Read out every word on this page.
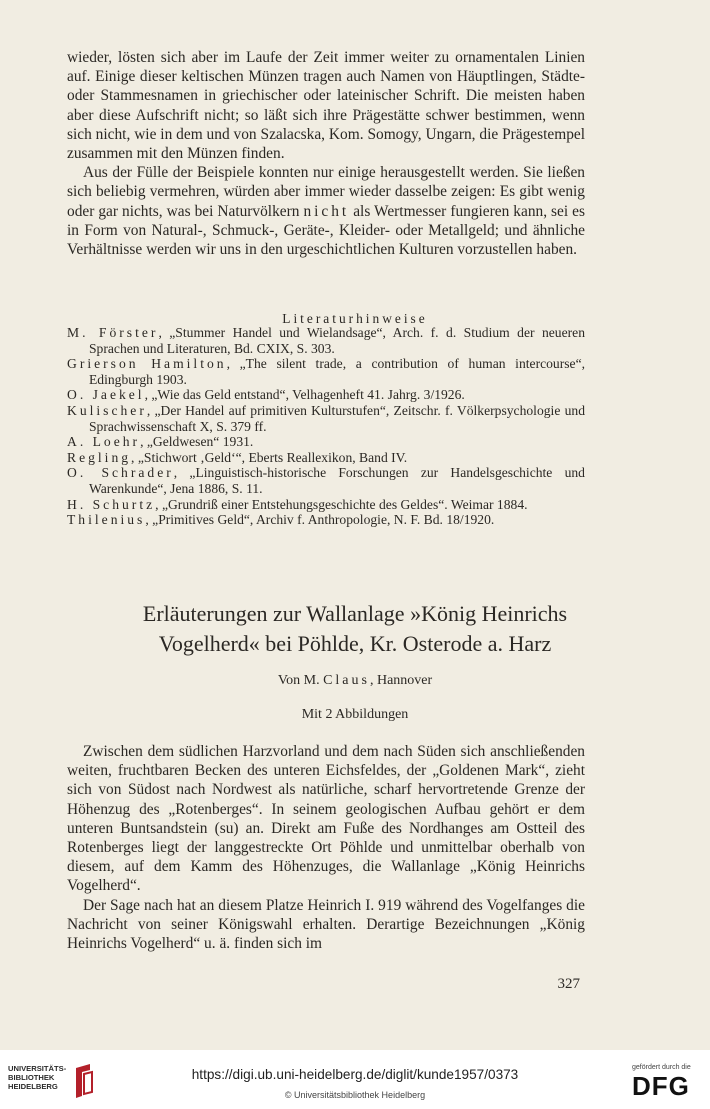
wieder, lösten sich aber im Laufe der Zeit immer weiter zu ornamentalen Linien auf. Einige dieser keltischen Münzen tragen auch Namen von Häuptlingen, Städte- oder Stammesnamen in griechischer oder lateinischer Schrift. Die meisten haben aber diese Aufschrift nicht; so läßt sich ihre Prägestätte schwer bestimmen, wenn sich nicht, wie in dem und von Szalacska, Kom. Somogy, Ungarn, die Prägestempel zusammen mit den Münzen finden.

Aus der Fülle der Beispiele konnten nur einige herausgestellt werden. Sie ließen sich beliebig vermehren, würden aber immer wieder dasselbe zeigen: Es gibt wenig oder gar nichts, was bei Naturvölkern nicht als Wertmesser fungieren kann, sei es in Form von Natural-, Schmuck-, Geräte-, Kleider- oder Metallgeld; und ähnliche Verhältnisse werden wir uns in den urgeschichtlichen Kulturen vorzustellen haben.

Literaturhinweise

M. Förster, „Stummer Handel und Wielandsage“, Arch. f. d. Studium der neueren Sprachen und Literaturen, Bd. CXIX, S. 303.

Grierson Hamilton, „The silent trade, a contribution of human intercourse“, Edingburgh 1903.

O. Jaekel, „Wie das Geld entstand“, Velhagenheft 41. Jahrg. 3/1926.

Kulischer, „Der Handel auf primitiven Kulturstufen“, Zeitschr. f. Völkerpsychologie und Sprachwissenschaft X, S. 379 ff.

A. Loehr, „Geldwesen“ 1931.

Regling, „Stichwort ‚Geld‘“, Eberts Reallexikon, Band IV.

O. Schrader, „Linguistisch-historische Forschungen zur Handelsgeschichte und Warenkunde“, Jena 1886, S. 11.

H. Schurtz, „Grundriß einer Entstehungsgeschichte des Geldes“. Weimar 1884.

Thilenius, „Primitives Geld“, Archiv f. Anthropologie, N. F. Bd. 18/1920.

Erläuterungen zur Wallanlage »König Heinrichs
Vogelherd« bei Pöhlde, Kr. Osterode a. Harz
Von M. Claus, Hannover
Mit 2 Abbildungen

Zwischen dem südlichen Harzvorland und dem nach Süden sich anschließenden weiten, fruchtbaren Becken des unteren Eichsfeldes, der „Goldenen Mark“, zieht sich von Südost nach Nordwest als natürliche, scharf hervortretende Grenze der Höhenzug des „Rotenberges“. In seinem geologischen Aufbau gehört er dem unteren Buntsandstein (su) an. Direkt am Fuße des Nordhanges am Ostteil des Rotenberges liegt der langgestreckte Ort Pöhlde und unmittelbar oberhalb von diesem, auf dem Kamm des Höhenzuges, die Wallanlage „König Heinrichs Vogelherd“.

Der Sage nach hat an diesem Platze Heinrich I. 919 während des Vogelfanges die Nachricht von seiner Königswahl erhalten. Derartige Bezeichnungen „König Heinrichs Vogelherd“ u. ä. finden sich im

327
UNIVERSITÄTS-
BIBLIOTHEK
HEIDELBERG
https://digi.ub.uni-heidelberg.de/diglit/kunde1957/0373
© Universitätsbibliothek Heidelberg
gefördert durch die
DFG
